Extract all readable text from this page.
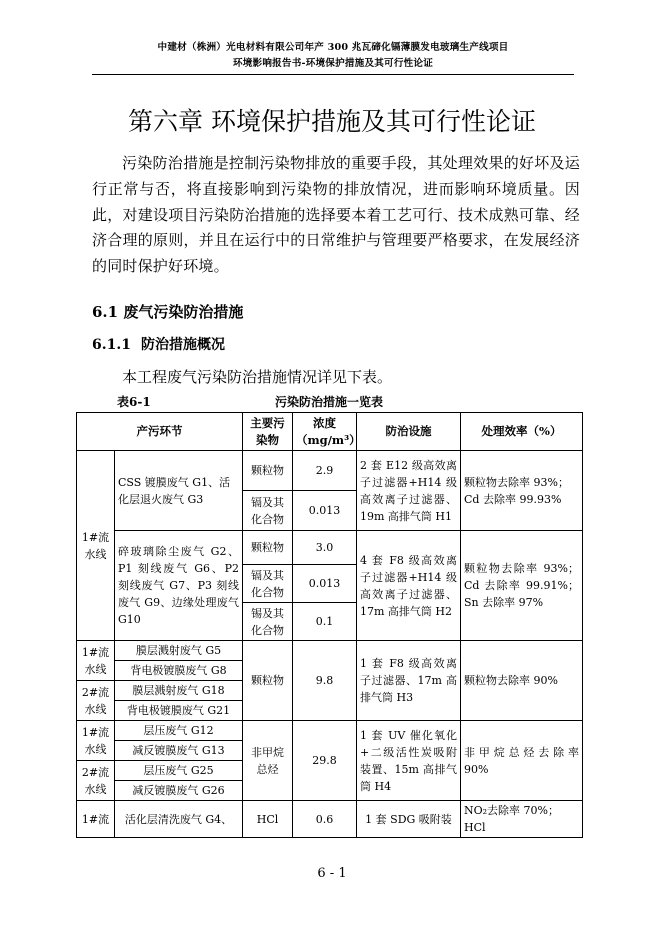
中建材（株洲）光电材料有限公司年产 300 兆瓦碲化镉薄膜发电玻璃生产线项目
环境影响报告书-环境保护措施及其可行性论证
第六章 环境保护措施及其可行性论证

污染防治措施是控制污染物排放的重要手段，其处理效果的好坏及运行正常与否，将直接影响到污染物的排放情况，进而影响环境质量。因此，对建设项目污染防治措施的选择要本着工艺可行、技术成熟可靠、经济合理的原则，并且在运行中的日常维护与管理要严格要求，在发展经济的同时保护好环境。

6.1 废气污染防治措施
6.1.1 防治措施概况

本工程废气污染防治措施情况详见下表。

表6-1	污染防治措施一览表
产污环节		主要污染物	浓度（mg/m³）	防治设施	处理效率（%）
1#流水线	CSS 镀膜废气 G1、活化层退火废气 G3	颗粒物	2.9	2 套 E12 级高效离子过滤器+H14 级高效离子过滤器、19m 高排气筒 H1	颗粒物去除率 93%；Cd 去除率 99.93%
		镉及其化合物	0.013		
	碎玻璃除尘废气 G2、P1 刻线废气 G6、P2 刻线废气 G7、P3 刻线废气 G9、边缘处理废气 G10	颗粒物	3.0	4 套 F8 级高效离子过滤器+H14 级高效离子过滤器、17m 高排气筒 H2	颗粒物去除率 93%；Cd 去除率 99.91%；Sn 去除率 97%
		镉及其化合物	0.013		
		锡及其化合物	0.1		
1#流水线	膜层溅射废气 G5	颗粒物	9.8	1 套 F8 级高效离子过滤器、17m 高排气筒 H3	颗粒物去除率 90%
	背电极镀膜废气 G8				
2#流水线	膜层溅射废气 G18				
	背电极镀膜废气 G21				
1#流水线	层压废气 G12	非甲烷总烃	29.8	1 套 UV 催化氧化+二级活性炭吸附装置、15m 高排气筒 H4	非甲烷总烃去除率 90%
	减反镀膜废气 G13				
2#流水线	层压废气 G25				
	减反镀膜废气 G26				
1#流	活化层清洗废气 G4、	HCl	0.6	1 套 SDG 吸附装	NO₂去除率 70%；HCl
6 - 1
